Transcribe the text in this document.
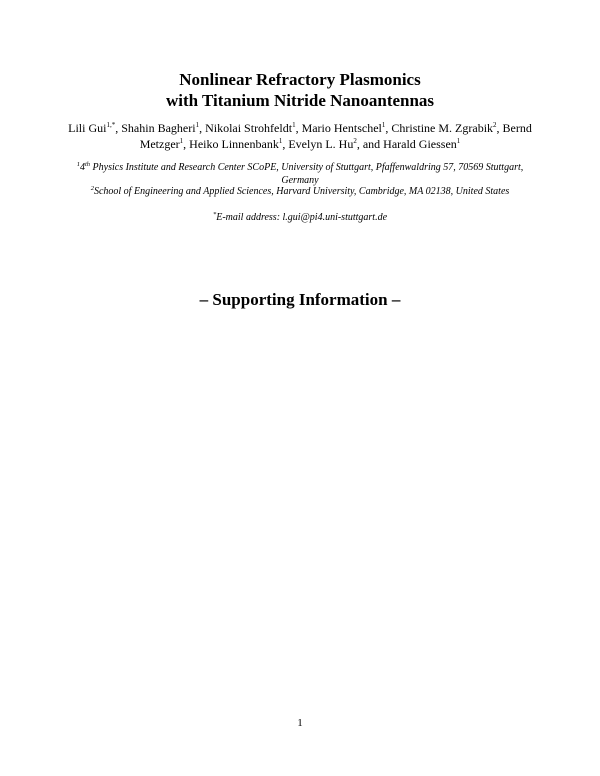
Nonlinear Refractory Plasmonics
with Titanium Nitride Nanoantennas
Lili Gui$^{1,*}$, Shahin Bagheri$^1$, Nikolai Strohfeldt$^1$, Mario Hentschel$^1$, Christine M. Zgrabik$^2$, Bernd Metzger$^1$, Heiko Linnenbank$^1$, Evelyn L. Hu$^2$, and Harald Giessen$^1$
$^1$4th Physics Institute and Research Center SCoPE, University of Stuttgart, Pfaffenwaldring 57, 70569 Stuttgart, Germany
$^2$School of Engineering and Applied Sciences, Harvard University, Cambridge, MA 02138, United States
*E-mail address: l.gui@pi4.uni-stuttgart.de
– Supporting Information –
1
